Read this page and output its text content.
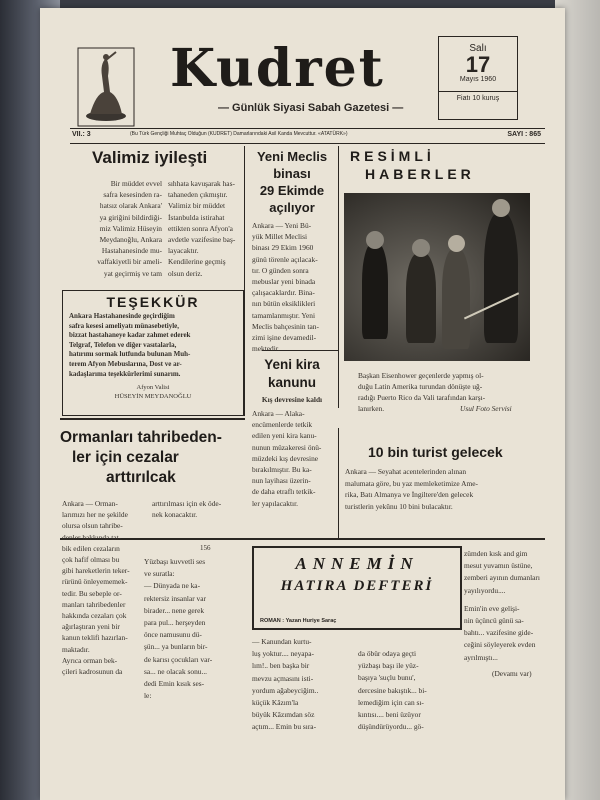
Kudret
— Günlük Siyasi Sabah Gazetesi —
Salı
17
Mayıs 1960
Fiatı 10 kuruş
VII.: 3	(Bu Türk Gençliği Muhtaç Olduğun (KUDRET) Damarlarındaki Asil Kanda Mevcuttur. «ATATÜRK»)	SAYI : 865
Valimiz iyileşti
Bir müddet evvel
safra kesesinden ra-
hatsız olarak Ankara'
ya giriğini bildirdiği-
miz Valimiz Hüseyin
Meydanoğlu, Ankara
Hastahanesinde mu-
vaffakiyetli bir ameli-
yat geçirmiş ve tam
sıhhata kavuşarak has-
tahaneden çıkmıştır.
Valimiz bir müddet
İstanbulda istirahat
ettikten sonra Afyon'a
avdetle vazifesine baş-
layacaktır.
Kendilerine geçmiş
olsun deriz.
TEŞEKKÜR
Ankara Hastahanesinde geçirdiğim
safra kesesi ameliyatı münasebetiyle,
bizzat hastahaneye kadar zahmet ederek
Telgraf, Telefon ve diğer vasıtalarla,
hatırımı sormak lutfunda bulunan Muh-
terem Afyon Mebuslarına, Dost ve ar-
kadaşlarıma teşekkürlerimi sunarım.
Afyon Valisi
HÜSEYİN MEYDANOĞLU
Ormanları tahribeden-
ler için cezalar
arttırılcak
Ankara — Orman-
larımızı her ne şekilde
olursa olsun tahribe-
denler hakkında tat-
bik edilen cezaların
çok hafif olması bu
gibi hareketlerin teker-
rürünü önleyememek-
tedir. Bu sebeple or-
manları tahribedenler
hakkında cezaları çok
ağırlaştıran yeni bir
kanun teklifi hazırlan-
maktadır.
Ayrıca orman bek-
çileri kadrosunun da
arttırılması için ek öde-
nek konacaktır.
Yeni Meclis
binası
29 Ekimde
açılıyor
Ankara — Yeni Bü-
yük Millet Meclisi
binası 29 Ekim 1960
günü törenle açılacak-
tır. O günden sonra
mebuslar yeni binada
çalışacaklardır. Bina-
nın bütün eksiklikleri
tamamlanmıştır. Yeni
Meclis bahçesinin tan-
zimi işine devamedil-
mektedir.
Yeni kira
kanunu
Kış devresine kaldı
Ankara — Alaka-
encümenlerde tetkik
edilen yeni kira kanu-
nunun müzakeresi önü-
müzdeki kış devresine
bırakılmıştır. Bu ka-
nun layihası üzerin-
de daha etraflı tetkik-
ler yapılacaktır.
RESİMLİ
HABERLER
Başkan Eisenhower geçenlerde yapmış ol-
duğu Latin Amerika turundan dönüşte uğ-
radığı Puerto Rico da Vali tarafından karşı-
lanırken.	Usul Foto Servisi
10 bin turist gelecek
Ankara — Seyahat acentelerinden alınan
malumata göre, bu yaz memleketimize Ame-
rika, Batı Almanya ve İngiltere'den gelecek
turistlerin yekûnu 10 bini bulacaktır.
156
ANNEMİN
HATIRA DEFTERİ
ROMAN : Yazan Huriye Saraç
Yüzbaşı kuvvetli ses
ve suratla:
— Dünyada ne ka-
rektersiz insanlar var
birader... nene gerek
para pul... herşeyden
önce namusunu dü-
şün... ya bunların bir-
de karısı çocukları var-
sa... ne olacak sonu...
dedi Emin kısık ses-
le:
— Kanundan kurtu-
luş yoktur.... neyapa-
lım!.. ben başka bir
mevzu açmasını isti-
yordum ağabeyciğim..
küçük Kâzım'la
büyük Kâzımdan söz
açtım... Emin bu sıra-
da öbür odaya geçti
yüzbaşı başı ile yüz-
başıya 'suçlu bunu',
dercesine bakıştık... bi-
lemediğim için can sı-
kıntısı.... beni üzüyor
düşündürüyordu... gö-
zümden kısk and gim
mesut yuvamın üstüne,
zemberi ayının dumanları
yayılıyordu....
Emin'in eve gelişi-
nin üçüncü günü sa-
bahtı... vazifesine gide-
ceğini söyleyerek evden
ayrılmıştı...
(Devamı var)
